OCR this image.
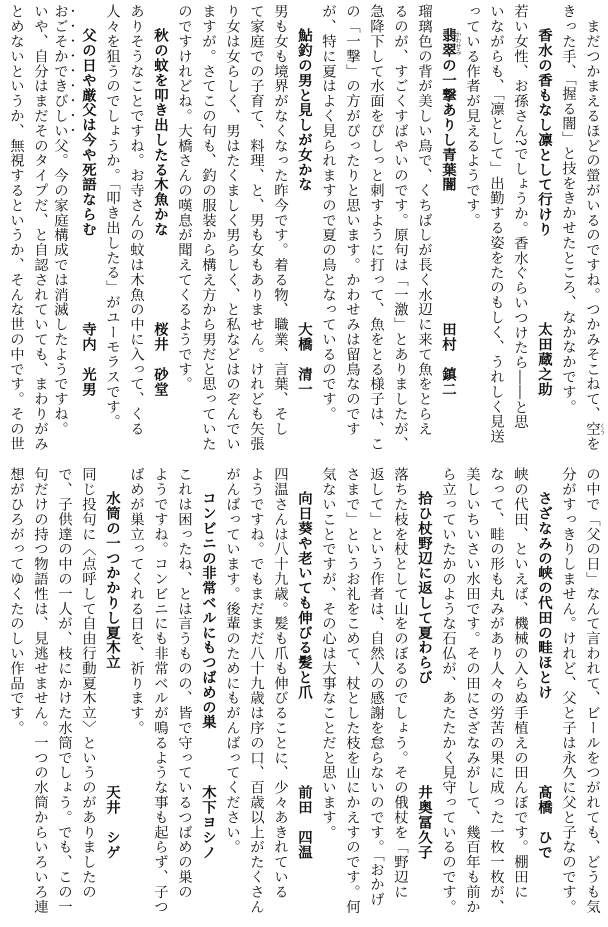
　まだつかまえるほどの螢がいるのですね。つかみそこねて、空を
きった手、「握る闇」と技をきかせたところ、なかなかです。
香水の香もなし凛として行けり
太田蔵之助
若い女性、お孫さん?でしょうか。香水ぐらいつけたら――と思
いながらも、「凛として」出勤する姿をたのもしく、うれしく見送
っている作者が見えるようです。
翡翠の一撃ありし青葉闇
田村　鎮二
瑠璃色の背が美しい鳥で、くちばしが長く水辺に来て魚をとらえ
るのが、すごくすばやいのです。原句は「一激」とありましたが、
急降下して水面をぴしっと刺すように打って、魚をとる様子は、こ
の「一撃」の方がぴったりと思います。かわせみは留鳥なのです
が、特に夏はよく見られますので夏の鳥となっているのです。
鮎釣の男と見しが女かな
大橋　清一
男も女も境界がなくなった昨今です。着る物、職業、言葉、そし
て家庭での子育て、料理、と、男も女もありません。けれども矢張
り女は女らしく、男はたくましく男らしく、と私などはのぞんでい
ますが。さてこの句も、釣の服装から構え方から男だと思っていた
のですけれどね。大橋さんの嘆息が聞えてくるようです。
秋の蚊を叩き出したる木魚かな
桜井　砂堂
ありそうなことですね。お寺さんの蚊は木魚の中に入って、くる
人々を狙うのでしょうか。「叩き出したる」がユーモラスです。
父の日や厳父は今や死語ならむ
寺内　光男
おごそかできびしい父。今の家庭構成では消滅したようですね。
いや、自分はまだそのタイプだ、と自認されていても、まわりがみ
とめないというか、無視するというか、そんな世の中です。その世
の中で「父の日」なんて言われて、ビールをつがれても、どうも気
分がすっきりしません。けれど、父と子は永久に父と子なのです。
さざなみの峡の代田の畦ほとけ
髙橋　ひで
峡の代田、といえば、機械の入らぬ手植えの田んぼです。棚田に
なって、畦の形も丸みがあり人々の労苦の果に成った一枚一枚が、
美しいちいさい水田です。その田にさざなみがして、幾百年も前か
ら立っていたかのような石仏が、あたたかく見守っているのです。
拾ひ杖野辺に返して夏わらび
井奥冨久子
落ちた枝を杖として山をのぼるのでしょう。その俄杖を「野辺に
返して」という作者は、自然人の感謝を怠らないのです。「おかげ
さまで」というお礼をこめて、杖とした枝を山にかえすのです。何
気ないことですが、その心は大事なことだと思います。
向日葵や老いても伸びる髪と爪
前田　四温
四温さんは八十九歳。髪も爪も伸びることに、少々あきれている
ようですね。でもまだまだ八十九歳は序の口、百歳以上がたくさん
がんばっています。後輩のためにもがんばってください。
コンビニの非常ベルにもつばめの巣
木下ヨシノ
これは困ったね、とは言うものの、皆で守っているつばめの巣の
ようですね。コンビニにも非常ベルが鳴るような事も起らず、子つ
ばめが巣立ってくれる日を、祈ります。
水筒の一つかかりし夏木立
天井　シゲ
同じ投句に〈点呼して自由行動夏木立〉というのがありましたの
で、子供達の中の一人が、枝にかけた水筒でしょう。でも、この一
句だけの持つ物語性は、見逃せません。一つの水筒からいろいろ連
想がひろがってゆくたのしい作品です。
くう
かわせみ
